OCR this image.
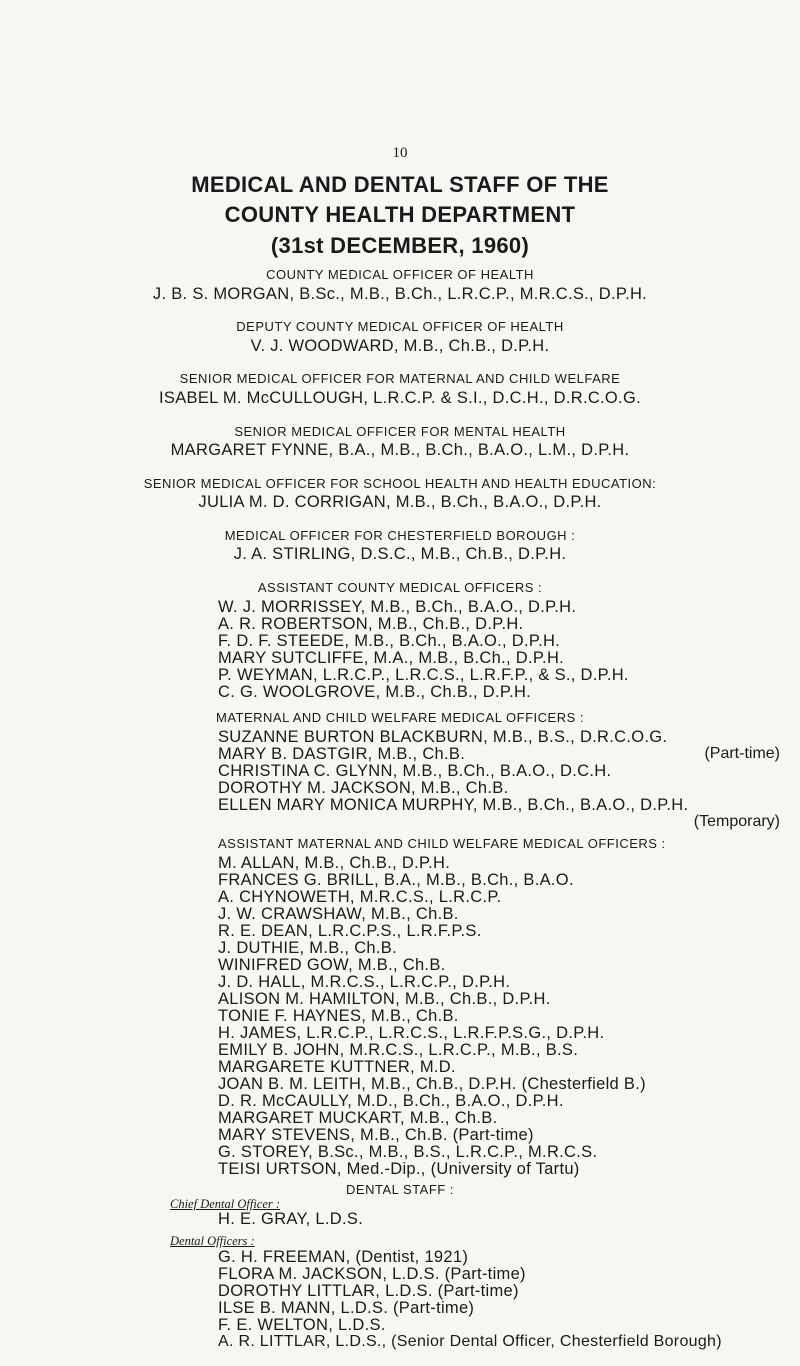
10
MEDICAL AND DENTAL STAFF OF THE
COUNTY HEALTH DEPARTMENT
(31st DECEMBER, 1960)
COUNTY MEDICAL OFFICER OF HEALTH
J. B. S. MORGAN, B.Sc., M.B., B.Ch., L.R.C.P., M.R.C.S., D.P.H.
DEPUTY COUNTY MEDICAL OFFICER OF HEALTH
V. J. WOODWARD, M.B., Ch.B., D.P.H.
SENIOR MEDICAL OFFICER FOR MATERNAL AND CHILD WELFARE
ISABEL M. McCULLOUGH, L.R.C.P. & S.I., D.C.H., D.R.C.O.G.
SENIOR MEDICAL OFFICER FOR MENTAL HEALTH
MARGARET FYNNE, B.A., M.B., B.Ch., B.A.O., L.M., D.P.H.
SENIOR MEDICAL OFFICER FOR SCHOOL HEALTH AND HEALTH EDUCATION:
JULIA M. D. CORRIGAN, M.B., B.Ch., B.A.O., D.P.H.
MEDICAL OFFICER FOR CHESTERFIELD BOROUGH :
J. A. STIRLING, D.S.C., M.B., Ch.B., D.P.H.
ASSISTANT COUNTY MEDICAL OFFICERS :
W. J. MORRISSEY, M.B., B.Ch., B.A.O., D.P.H.
A. R. ROBERTSON, M.B., Ch.B., D.P.H.
F. D. F. STEEDE, M.B., B.Ch., B.A.O., D.P.H.
MARY SUTCLIFFE, M.A., M.B., B.Ch., D.P.H.
P. WEYMAN, L.R.C.P., L.R.C.S., L.R.F.P., & S., D.P.H.
C. G. WOOLGROVE, M.B., Ch.B., D.P.H.
MATERNAL AND CHILD WELFARE MEDICAL OFFICERS :
SUZANNE BURTON BLACKBURN, M.B., B.S., D.R.C.O.G.
MARY B. DASTGIR, M.B., Ch.B.	(Part-time)
CHRISTINA C. GLYNN, M.B., B.Ch., B.A.O., D.C.H.
DOROTHY M. JACKSON, M.B., Ch.B.
ELLEN MARY MONICA MURPHY, M.B., B.Ch., B.A.O., D.P.H.
(Temporary)
ASSISTANT MATERNAL AND CHILD WELFARE MEDICAL OFFICERS :
M. ALLAN, M.B., Ch.B., D.P.H.
FRANCES G. BRILL, B.A., M.B., B.Ch., B.A.O.
A. CHYNOWETH, M.R.C.S., L.R.C.P.
J. W. CRAWSHAW, M.B., Ch.B.
R. E. DEAN, L.R.C.P.S., L.R.F.P.S.
J. DUTHIE, M.B., Ch.B.
WINIFRED GOW, M.B., Ch.B.
J. D. HALL, M.R.C.S., L.R.C.P., D.P.H.
ALISON M. HAMILTON, M.B., Ch.B., D.P.H.
TONIE F. HAYNES, M.B., Ch.B.
H. JAMES, L.R.C.P., L.R.C.S., L.R.F.P.S.G., D.P.H.
EMILY B. JOHN, M.R.C.S., L.R.C.P., M.B., B.S.
MARGARETE KUTTNER, M.D.
JOAN B. M. LEITH, M.B., Ch.B., D.P.H. (Chesterfield B.)
D. R. McCAULLY, M.D., B.Ch., B.A.O., D.P.H.
MARGARET MUCKART, M.B., Ch.B.
MARY STEVENS, M.B., Ch.B. (Part-time)
G. STOREY, B.Sc., M.B., B.S., L.R.C.P., M.R.C.S.
TEISI URTSON, Med.-Dip., (University of Tartu)
DENTAL STAFF :
Chief Dental Officer :
H. E. GRAY, L.D.S.
Dental Officers :
G. H. FREEMAN, (Dentist, 1921)
FLORA M. JACKSON, L.D.S. (Part-time)
DOROTHY LITTLAR, L.D.S. (Part-time)
ILSE B. MANN, L.D.S. (Part-time)
F. E. WELTON, L.D.S.
A. R. LITTLAR, L.D.S., (Senior Dental Officer, Chesterfield Borough)
